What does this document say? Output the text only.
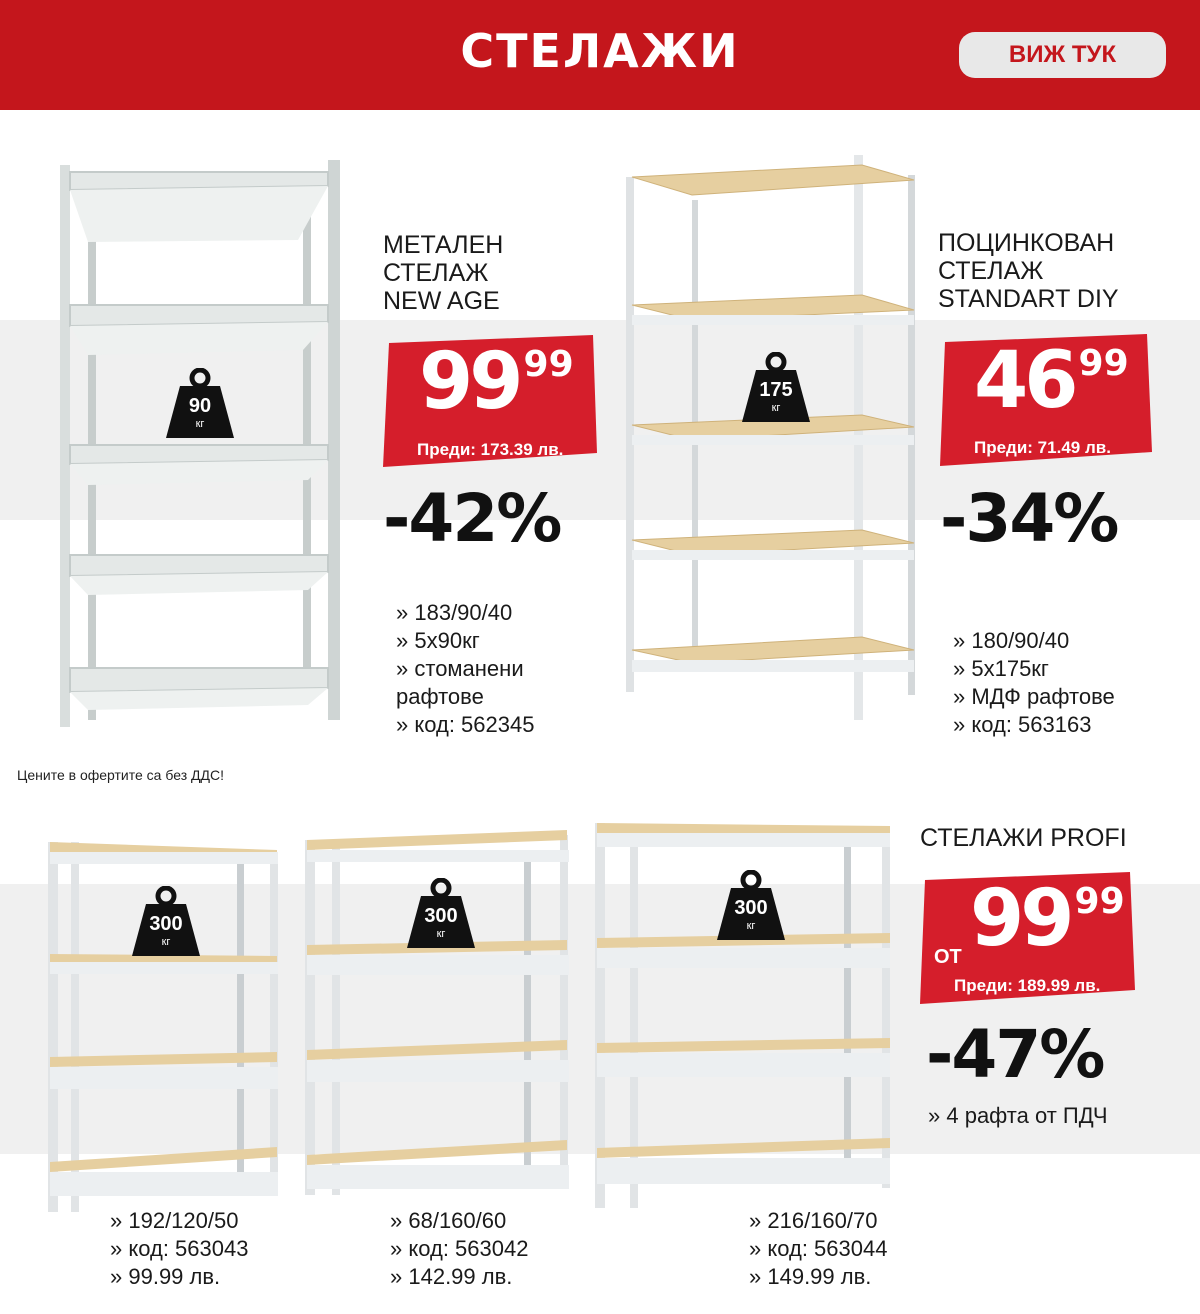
СТЕЛАЖИ	ВИЖ ТУК
90
кг
МЕТАЛЕН
СТЕЛАЖ
NEW AGE
99 99
Преди: 173.39 лв.
-42%
» 183/90/40
» 5x90кг
» стоманени
рафтове
» код: 562345
175
кг
ПОЦИНКОВАН
СТЕЛАЖ
STANDART DIY
46 99
Преди: 71.49 лв.
-34%
» 180/90/40
» 5x175кг
» МДФ рафтове
» код: 563163
Цените в офертите са без ДДС!
300
кг
300
кг
300
кг
СТЕЛАЖИ PROFI
ОТ 99 99
Преди: 189.99 лв.
-47%
» 4 рафта от ПДЧ
» 192/120/50
» код: 563043
» 99.99 лв.
» 68/160/60
» код: 563042
» 142.99 лв.
» 216/160/70
» код: 563044
» 149.99 лв.
